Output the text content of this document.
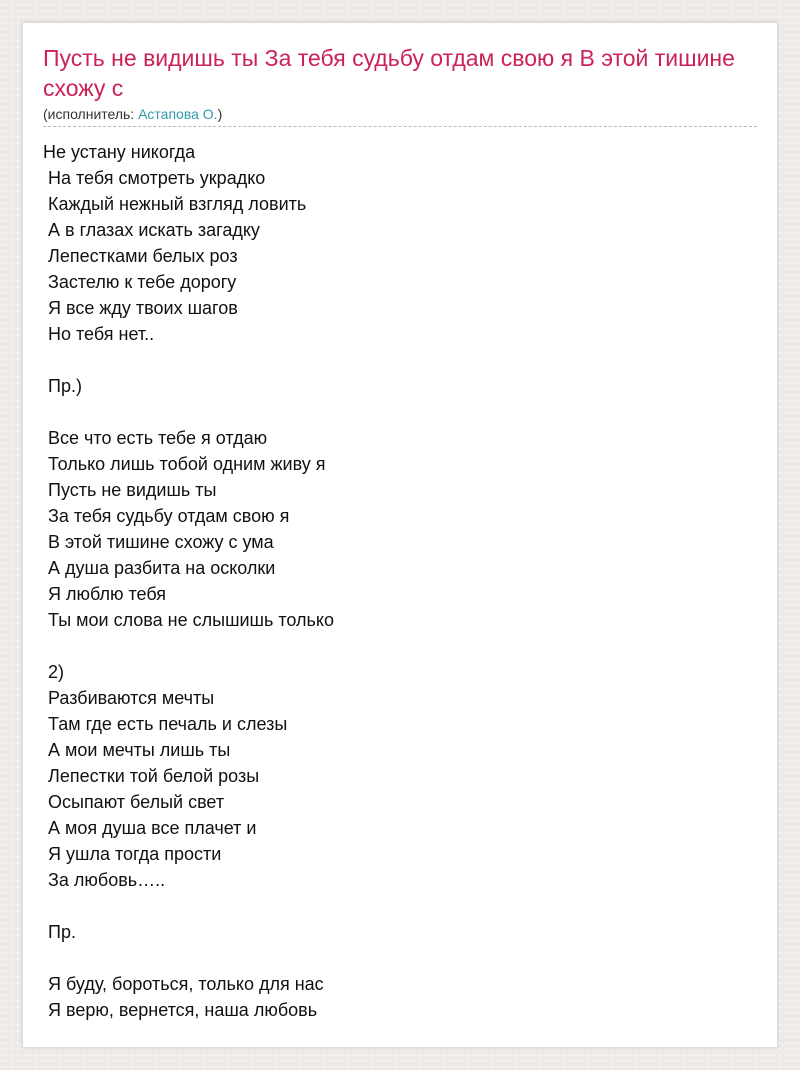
Пусть не видишь ты За тебя судьбу отдам свою я В этой тишине схожу с
(исполнитель: Астапова О.)
Не устану никогда
На тебя смотреть украдко
Каждый нежный взгляд ловить
А в глазах искать загадку
Лепестками белых роз
Застелю к тебе дорогу
Я все жду твоих шагов
Но тебя нет..

Пр.)

Все что есть тебе я отдаю
Только лишь тобой одним живу я
Пусть не видишь ты
За тебя судьбу отдам свою я
В этой тишине схожу с ума
А душа разбита на осколки
Я люблю тебя
Ты мои слова не слышишь только

2)
Разбиваются мечты
Там где есть печаль и слезы
А мои мечты лишь ты
Лепестки той белой розы
Осыпают белый свет
А моя душа все плачет и
Я ушла тогда прости
За любовь…..

Пр.

Я буду, бороться, только для нас
Я верю, вернется, наша любовь
